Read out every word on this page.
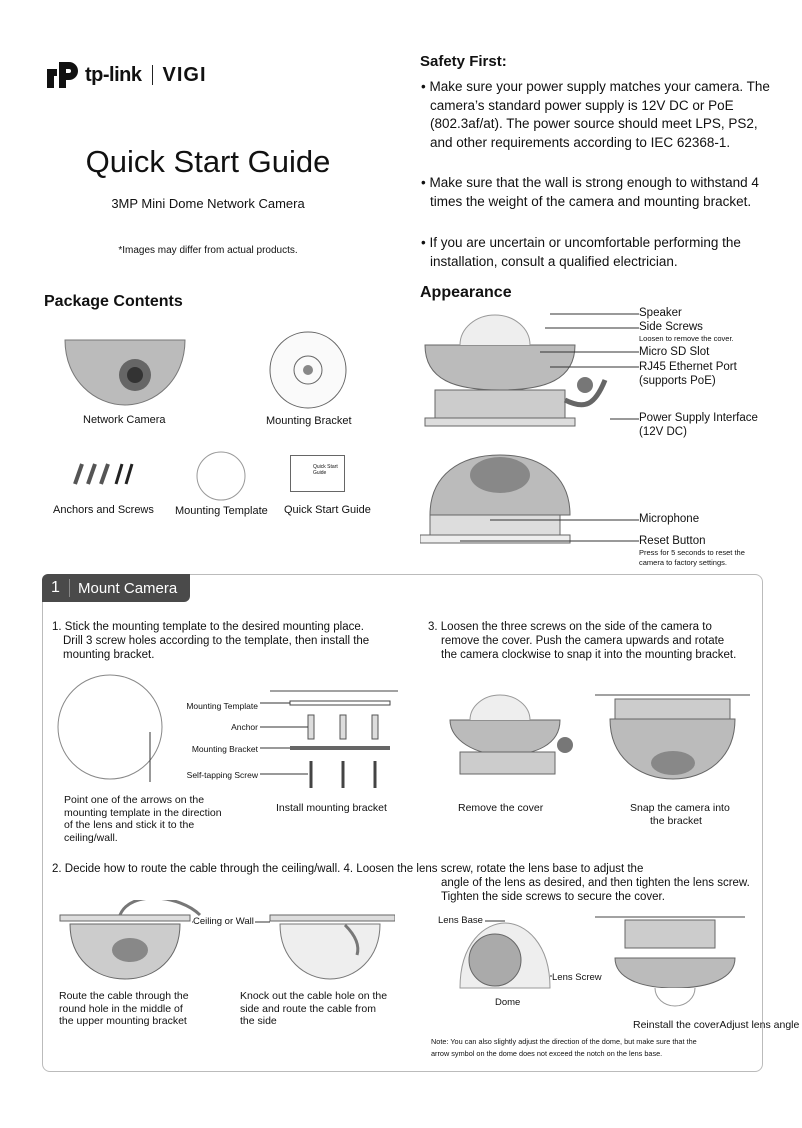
tp-link VIGI
Quick Start Guide
3MP Mini Dome Network Camera
*Images may differ from actual products.
Package Contents
Network Camera	Mounting Bracket
Anchors and Screws Mounting Template
Quick Start Guide
Quick Start Guide
Safety First:
• Make sure your power supply matches your camera. The camera’s standard power supply is 12V DC or PoE (802.3af/at). The power source should meet LPS, PS2, and other requirements according to IEC 62368-1.
• Make sure that the wall is strong enough to withstand 4 times the weight of the camera and mounting bracket.
• If you are uncertain or uncomfortable performing the installation, consult a qualified electrician.
Appearance
Speaker
Side Screws
Loosen to remove the cover.
Micro SD Slot
RJ45 Ethernet Port
(supports PoE)
Power Supply Interface
(12V DC)
Microphone
Reset Button
Press for 5 seconds to reset the
camera to factory settings.
1	Mount Camera
1. Stick the mounting template to the desired mounting place.
Drill 3 screw holes according to the template, then install the
mounting bracket.
3. Loosen the three screws on the side of the camera to
remove the cover. Push the camera upwards and rotate
the camera clockwise to snap it into the mounting bracket.
Mounting Template
Anchor
Mounting Bracket
Self-tapping Screw
Point one of the arrows on the
mounting template in the direction
of the lens and stick it to the
ceiling/wall.
Install mounting bracket	Remove the cover	Snap the camera into
the bracket
2. Decide how to route the cable through the ceiling/wall. 4. Loosen the lens screw, rotate the lens base to adjust the
angle of the lens as desired, and then tighten the lens screw.
Tighten the side screws to secure the cover.
Ceiling or Wall
Route the cable through the
round hole in the middle of
the upper mounting bracket
Knock out the cable hole on the
side and route the cable from
the side
Lens Base
Lens Screw
Dome
Reinstall the coverAdjust lens angle
Note: You can also slightly adjust the direction of the dome, but make sure that the
arrow symbol on the dome does not exceed the notch on the lens base.
